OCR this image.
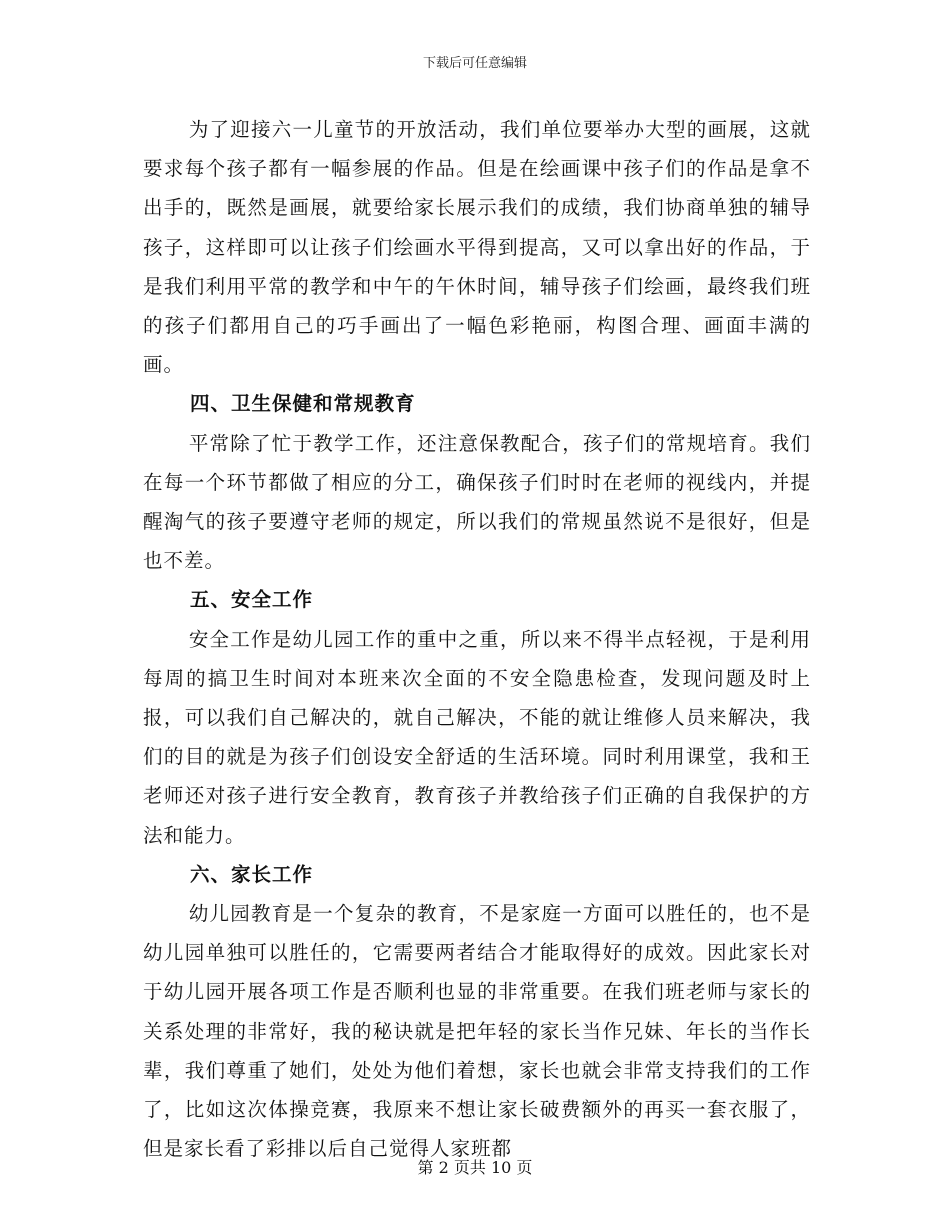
下载后可任意编辑

为了迎接六一儿童节的开放活动，我们单位要举办大型的画展，这就要求每个孩子都有一幅参展的作品。但是在绘画课中孩子们的作品是拿不出手的，既然是画展，就要给家长展示我们的成绩，我们协商单独的辅导孩子，这样即可以让孩子们绘画水平得到提高，又可以拿出好的作品，于是我们利用平常的教学和中午的午休时间，辅导孩子们绘画，最终我们班的孩子们都用自己的巧手画出了一幅色彩艳丽，构图合理、画面丰满的画。

四、卫生保健和常规教育

平常除了忙于教学工作，还注意保教配合，孩子们的常规培育。我们在每一个环节都做了相应的分工，确保孩子们时时在老师的视线内，并提醒淘气的孩子要遵守老师的规定，所以我们的常规虽然说不是很好，但是也不差。

五、安全工作

安全工作是幼儿园工作的重中之重，所以来不得半点轻视，于是利用每周的搞卫生时间对本班来次全面的不安全隐患检查，发现问题及时上报，可以我们自己解决的，就自己解决，不能的就让维修人员来解决，我们的目的就是为孩子们创设安全舒适的生活环境。同时利用课堂，我和王老师还对孩子进行安全教育，教育孩子并教给孩子们正确的自我保护的方法和能力。

六、家长工作

幼儿园教育是一个复杂的教育，不是家庭一方面可以胜任的，也不是幼儿园单独可以胜任的，它需要两者结合才能取得好的成效。因此家长对于幼儿园开展各项工作是否顺利也显的非常重要。在我们班老师与家长的关系处理的非常好，我的秘诀就是把年轻的家长当作兄妹、年长的当作长辈，我们尊重了她们，处处为他们着想，家长也就会非常支持我们的工作了，比如这次体操竞赛，我原来不想让家长破费额外的再买一套衣服了，但是家长看了彩排以后自己觉得人家班都

第 2 页共 10 页
